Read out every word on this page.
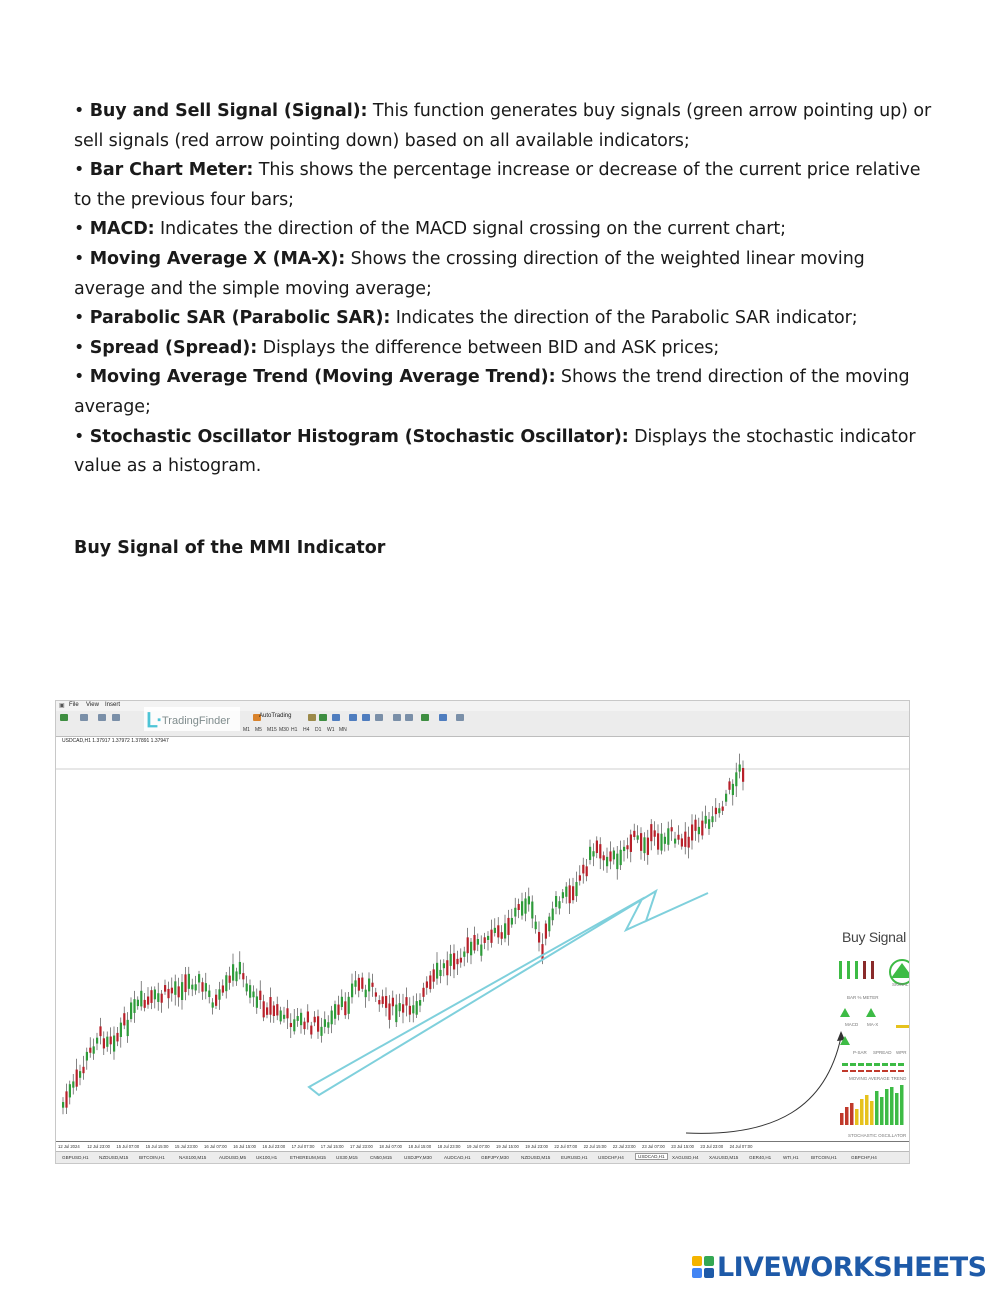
• Buy and Sell Signal (Signal): This function generates buy signals (green arrow pointing up) or sell signals (red arrow pointing down) based on all available indicators;

• Bar Chart Meter: This shows the percentage increase or decrease of the current price relative to the previous four bars;

• MACD: Indicates the direction of the MACD signal crossing on the current chart;

• Moving Average X (MA-X): Shows the crossing direction of the weighted linear moving average and the simple moving average;

• Parabolic SAR (Parabolic SAR): Indicates the direction of the Parabolic SAR indicator;

• Spread (Spread): Displays the difference between BID and ASK prices;

• Moving Average Trend (Moving Average Trend): Shows the trend direction of the moving average;

• Stochastic Oscillator Histogram (Stochastic Oscillator): Displays the stochastic indicator value as a histogram.

Buy Signal of the MMI Indicator
▣ File View Insert
AutoTrading
M1 M5 M15 M30 H1 H4 D1 W1 MN
ᒷ TradingFinder
USDCAD,H1 1.37917 1.37972 1.37891 1.37947
Buy Signal
SIGNAL
BAR % METER
MACD MA-X
P-SAR SPREAD WPR
MOVING AVERAGE TREND
STOCHASTIC OSCILLATOR
12 Jul 2024 12 Jul 23:00 15 Jul 07:00 15 Jul 15:00 15 Jul 23:00 16 Jul 07:00 16 Jul 15:00 16 Jul 23:00 17 Jul 07:00 17 Jul 15:00 17 Jul 23:00 18 Jul 07:00 18 Jul 15:00 18 Jul 23:00 19 Jul 07:00 19 Jul 15:00 19 Jul 23:00 22 Jul 07:00 22 Jul 15:00 22 Jul 23:00 23 Jul 07:00 23 Jul 15:00 23 Jul 23:00 24 Jul 07:00
GBPUSD,H1 NZDUSD,M15 BITCOIN,H1	NAS100,M15	AUDUSD,M5 UK100,H1	ETHEREUM,M15 US30,M15	CN50,M15	USDJPY,M30	AUDCAD,H1 GBPJPY,M30	NZDUSD,M15 EURUSD,H1 USDCHF,H4	USDCAD,H1	XAGUSD,H4 XAUUSD,M15 GER40,H1	WTI,H1	BITCOIN,H1	GBPCHF,H4
LIVEWORKSHEETS
